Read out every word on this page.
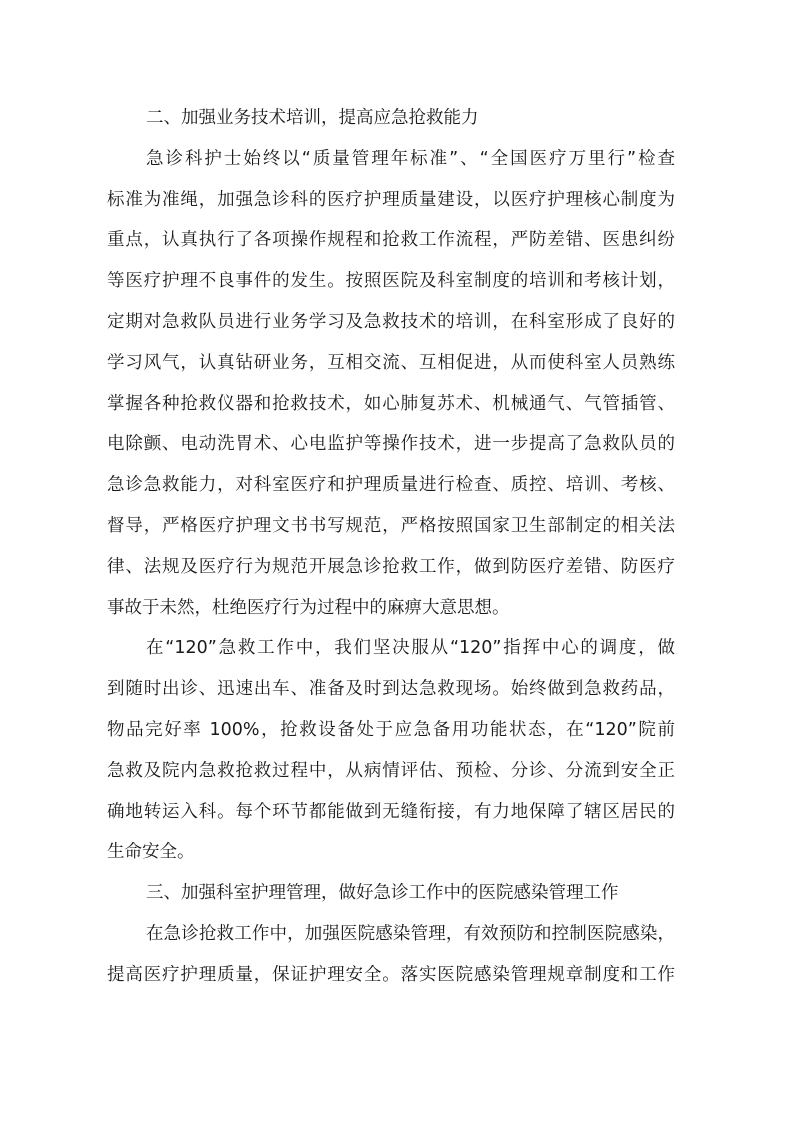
二、加强业务技术培训，提高应急抢救能力
急诊科护士始终以“质量管理年标准”、“全国医疗万里行”检查
标准为准绳，加强急诊科的医疗护理质量建设，以医疗护理核心制度为
重点，认真执行了各项操作规程和抢救工作流程，严防差错、医患纠纷
等医疗护理不良事件的发生。按照医院及科室制度的培训和考核计划，
定期对急救队员进行业务学习及急救技术的培训，在科室形成了良好的
学习风气，认真钻研业务，互相交流、互相促进，从而使科室人员熟练
掌握各种抢救仪器和抢救技术，如心肺复苏术、机械通气、气管插管、
电除颤、电动洗胃术、心电监护等操作技术，进一步提高了急救队员的
急诊急救能力，对科室医疗和护理质量进行检查、质控、培训、考核、
督导，严格医疗护理文书书写规范，严格按照国家卫生部制定的相关法
律、法规及医疗行为规范开展急诊抢救工作，做到防医疗差错、防医疗
事故于未然，杜绝医疗行为过程中的麻痹大意思想。
在“120”急救工作中，我们坚决服从“120”指挥中心的调度，做
到随时出诊、迅速出车、准备及时到达急救现场。始终做到急救药品，
物品完好率 100%，抢救设备处于应急备用功能状态，在“120”院前
急救及院内急救抢救过程中，从病情评估、预检、分诊、分流到安全正
确地转运入科。每个环节都能做到无缝衔接，有力地保障了辖区居民的
生命安全。
三、加强科室护理管理，做好急诊工作中的医院感染管理工作
在急诊抢救工作中，加强医院感染管理，有效预防和控制医院感染，
提高医疗护理质量，保证护理安全。落实医院感染管理规章制度和工作
